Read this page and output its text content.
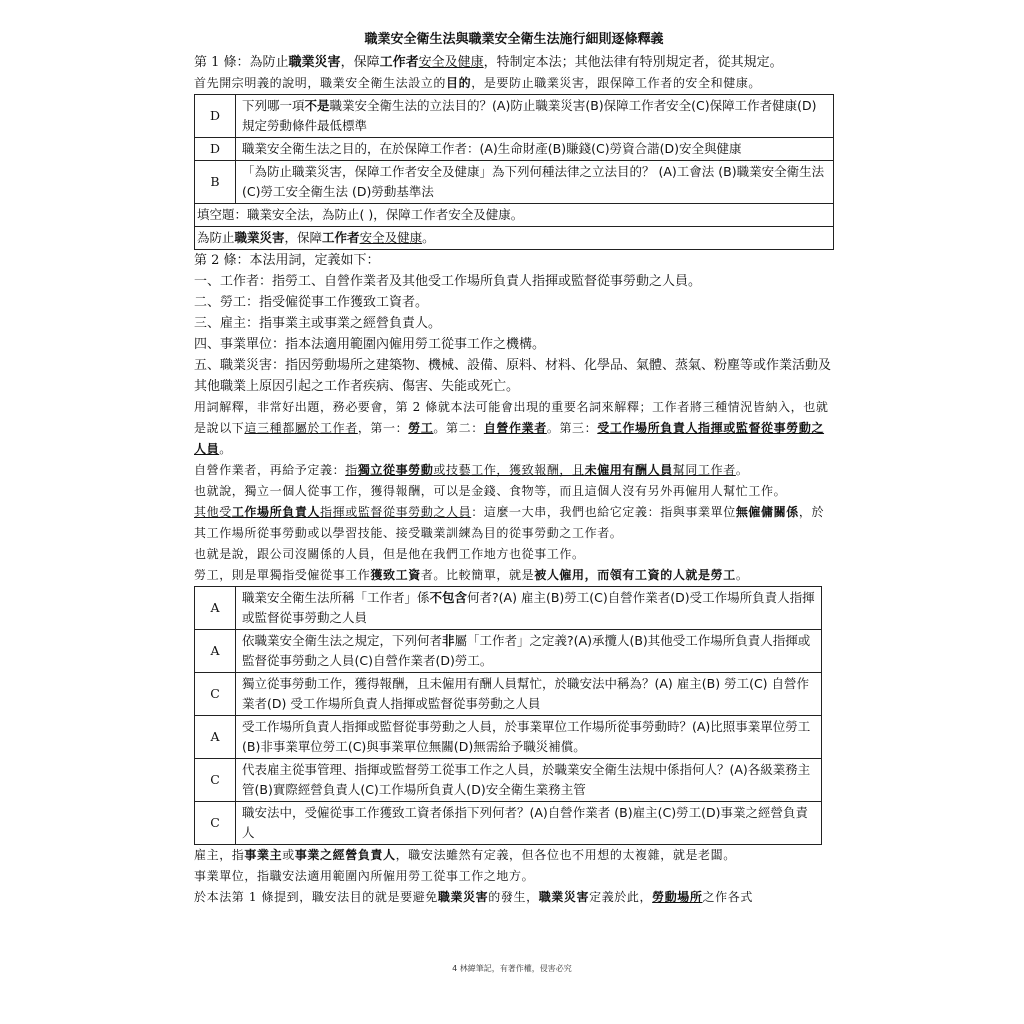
職業安全衛生法與職業安全衛生法施行細則逐條釋義
第 1 條：為防止職業災害，保障工作者安全及健康，特制定本法；其他法律有特別規定者，從其規定。
首先開宗明義的說明，職業安全衛生法設立的目的，是要防止職業災害，跟保障工作者的安全和健康。
D	下列哪一項不是職業安全衛生法的立法目的？(A)防止職業災害(B)保障工作者安全(C)保障工作者健康(D)規定勞動條件最低標準
D	職業安全衛生法之目的，在於保障工作者：(A)生命財產(B)賺錢(C)勞資合諧(D)安全與健康
B	「為防止職業災害，保障工作者安全及健康」為下列何種法律之立法目的？ (A)工會法 (B)職業安全衛生法 (C)勞工安全衛生法 (D)勞動基準法
填空題：職業安全法，為防止( )，保障工作者安全及健康。	
為防止職業災害，保障工作者安全及健康。	
第 2 條：本法用詞，定義如下：
一、工作者：指勞工、自營作業者及其他受工作場所負責人指揮或監督從事勞動之人員。
二、勞工：指受僱從事工作獲致工資者。
三、雇主：指事業主或事業之經營負責人。
四、事業單位：指本法適用範圍內僱用勞工從事工作之機構。
五、職業災害：指因勞動場所之建築物、機械、設備、原料、材料、化學品、氣體、蒸氣、粉塵等或作業活動及其他職業上原因引起之工作者疾病、傷害、失能或死亡。
用詞解釋，非常好出題，務必要會，第 2 條就本法可能會出現的重要名詞來解釋；工作者將三種情況皆納入，也就是說以下這三種都屬於工作者，第一：勞工。第二：自營作業者。第三：受工作場所負責人指揮或監督從事勞動之人員。
自營作業者，再給予定義：指獨立從事勞動或技藝工作，獲致報酬，且未僱用有酬人員幫同工作者。
也就說，獨立一個人從事工作，獲得報酬，可以是金錢、食物等，而且這個人沒有另外再僱用人幫忙工作。
其他受工作場所負責人指揮或監督從事勞動之人員：這麼一大串，我們也給它定義：指與事業單位無僱傭關係，於其工作場所從事勞動或以學習技能、接受職業訓練為目的從事勞動之工作者。
也就是說，跟公司沒關係的人員，但是他在我們工作地方也從事工作。
勞工，則是單獨指受僱從事工作獲致工資者。比較簡單，就是被人僱用，而領有工資的人就是勞工。
A	職業安全衛生法所稱「工作者」係不包含何者?(A) 雇主(B)勞工(C)自營作業者(D)受工作場所負責人指揮或監督從事勞動之人員
A	依職業安全衛生法之規定，下列何者非屬「工作者」之定義?(A)承攬人(B)其他受工作場所負責人指揮或監督從事勞動之人員(C)自營作業者(D)勞工。
C	獨立從事勞動工作，獲得報酬，且未僱用有酬人員幫忙，於職安法中稱為？(A) 雇主(B) 勞工(C) 自營作業者(D) 受工作場所負責人指揮或監督從事勞動之人員
A	受工作場所負責人指揮或監督從事勞動之人員，於事業單位工作場所從事勞動時？(A)比照事業單位勞工(B)非事業單位勞工(C)與事業單位無關(D)無需給予職災補償。
C	代表雇主從事管理、指揮或監督勞工從事工作之人員，於職業安全衛生法規中係指何人？(A)各級業務主管(B)實際經營負責人(C)工作場所負責人(D)安全衛生業務主管
C	職安法中，受僱從事工作獲致工資者係指下列何者？(A)自營作業者 (B)雇主(C)勞工(D)事業之經營負責人
雇主，指事業主或事業之經營負責人，職安法雖然有定義，但各位也不用想的太複雜，就是老闆。
事業單位，指職安法適用範圍內所僱用勞工從事工作之地方。
於本法第 1 條提到，職安法目的就是要避免職業災害的發生，職業災害定義於此，勞動場所之作各式
4 林緯筆記，有著作權，侵害必究
